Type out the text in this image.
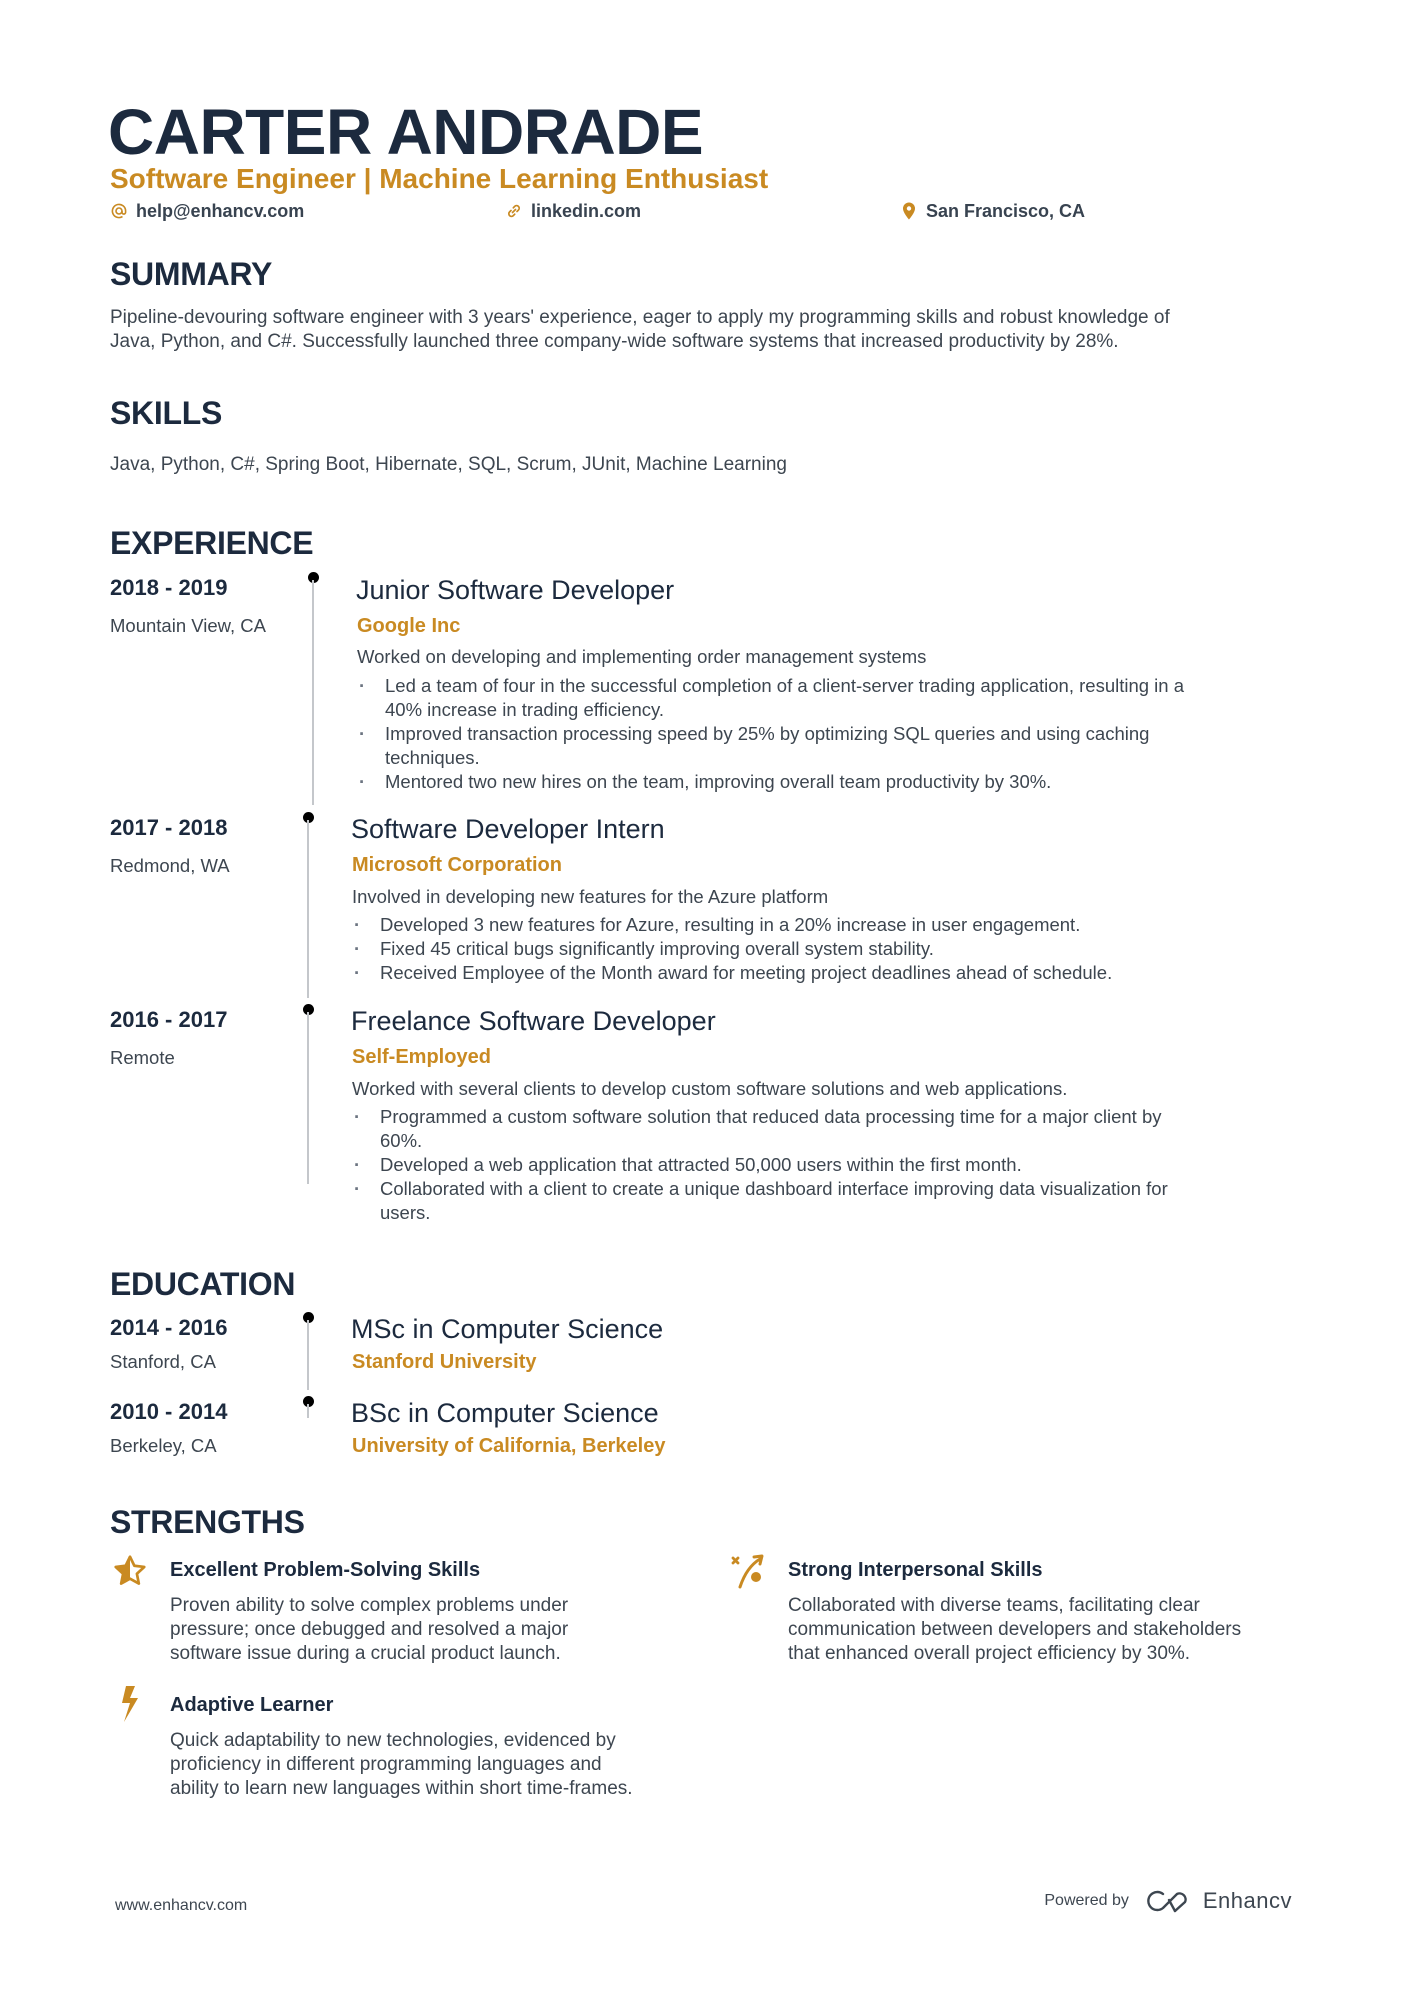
CARTER ANDRADE
Software Engineer | Machine Learning Enthusiast
help@enhancv.com	linkedin.com	San Francisco, CA
SUMMARY
Pipeline-devouring software engineer with 3 years' experience, eager to apply my programming skills and robust knowledge of
Java, Python, and C#. Successfully launched three company-wide software systems that increased productivity by 28%.
SKILLS
Java, Python, C#, Spring Boot, Hibernate, SQL, Scrum, JUnit, Machine Learning
EXPERIENCE
2018 - 2019
Mountain View, CA
Junior Software Developer
Google Inc
Worked on developing and implementing order management systems
· Led a team of four in the successful completion of a client-server trading application, resulting in a
40% increase in trading efficiency.
· Improved transaction processing speed by 25% by optimizing SQL queries and using caching
techniques.
· Mentored two new hires on the team, improving overall team productivity by 30%.
2017 - 2018
Redmond, WA
Software Developer Intern
Microsoft Corporation
Involved in developing new features for the Azure platform
· Developed 3 new features for Azure, resulting in a 20% increase in user engagement.
· Fixed 45 critical bugs significantly improving overall system stability.
· Received Employee of the Month award for meeting project deadlines ahead of schedule.
2016 - 2017
Remote
Freelance Software Developer
Self-Employed
Worked with several clients to develop custom software solutions and web applications.
· Programmed a custom software solution that reduced data processing time for a major client by
60%.
· Developed a web application that attracted 50,000 users within the first month.
· Collaborated with a client to create a unique dashboard interface improving data visualization for
users.
EDUCATION
2014 - 2016
Stanford, CA
MSc in Computer Science
Stanford University
2010 - 2014
Berkeley, CA
BSc in Computer Science
University of California, Berkeley
STRENGTHS
Excellent Problem-Solving Skills
Proven ability to solve complex problems under
pressure; once debugged and resolved a major
software issue during a crucial product launch.
Strong Interpersonal Skills
Collaborated with diverse teams, facilitating clear
communication between developers and stakeholders
that enhanced overall project efficiency by 30%.
Adaptive Learner
Quick adaptability to new technologies, evidenced by
proficiency in different programming languages and
ability to learn new languages within short time-frames.
www.enhancv.com	Powered by	Enhancv
